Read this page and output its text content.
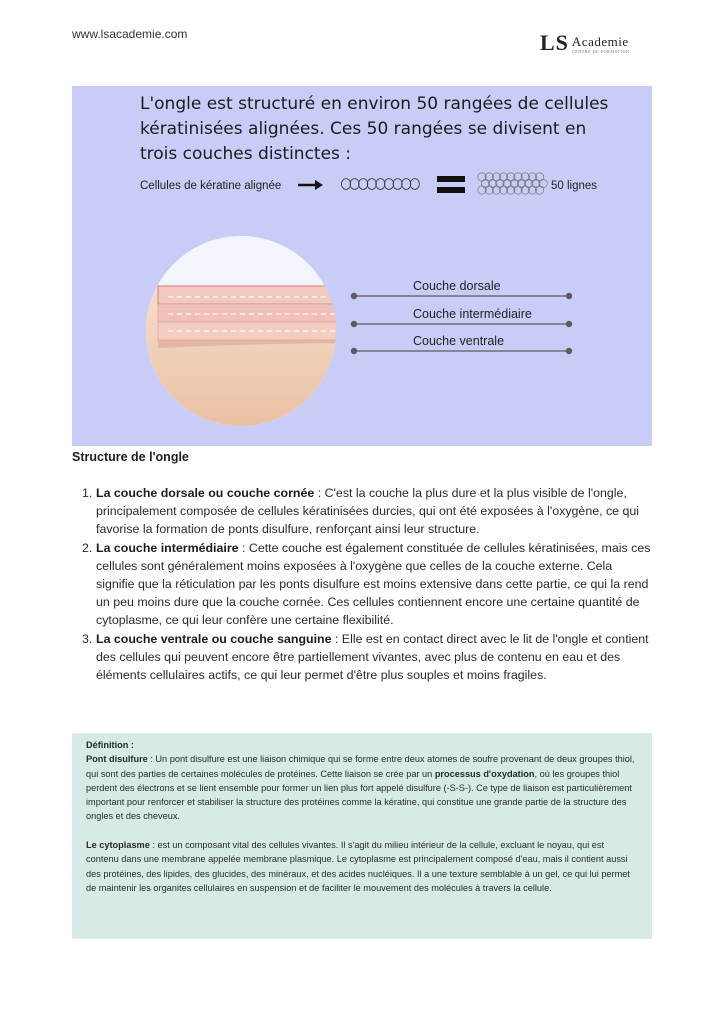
www.lsacademie.com	LS Academie
CENTRE DE FORMATION
L'ongle est structuré en environ 50 rangées de cellules kératinisées alignées. Ces 50 rangées se divisent en trois couches distinctes :
Cellules de kératine alignée	50 lignes
Couche dorsale
Couche intermédiaire
Couche ventrale
Structure de l'ongle
1. La couche dorsale ou couche cornée : C'est la couche la plus dure et la plus visible de l'ongle, principalement composée de cellules kératinisées durcies, qui ont été exposées à l'oxygène, ce qui favorise la formation de ponts disulfure, renforçant ainsi leur structure.
2. La couche intermédiaire : Cette couche est également constituée de cellules kératinisées, mais ces cellules sont généralement moins exposées à l'oxygène que celles de la couche externe. Cela signifie que la réticulation par les ponts disulfure est moins extensive dans cette partie, ce qui la rend un peu moins dure que la couche cornée. Ces cellules contiennent encore une certaine quantité de cytoplasme, ce qui leur confère une certaine flexibilité.
3. La couche ventrale ou couche sanguine : Elle est en contact direct avec le lit de l'ongle et contient des cellules qui peuvent encore être partiellement vivantes, avec plus de contenu en eau et des éléments cellulaires actifs, ce qui leur permet d'être plus souples et moins fragiles.

Définition :

Pont disulfure : Un pont disulfure est une liaison chimique qui se forme entre deux atomes de soufre provenant de deux groupes thiol, qui sont des parties de certaines molécules de protéines. Cette liaison se crée par un processus d'oxydation, où les groupes thiol perdent des électrons et se lient ensemble pour former un lien plus fort appelé disulfure (-S-S-). Ce type de liaison est particulièrement important pour renforcer et stabiliser la structure des protéines comme la kératine, qui constitue une grande partie de la structure des ongles et des cheveux.

Le cytoplasme : est un composant vital des cellules vivantes. Il s'agit du milieu intérieur de la cellule, excluant le noyau, qui est contenu dans une membrane appelée membrane plasmique. Le cytoplasme est principalement composé d'eau, mais il contient aussi des protéines, des lipides, des glucides, des minéraux, et des acides nucléiques. Il a une texture semblable à un gel, ce qui lui permet de maintenir les organites cellulaires en suspension et de faciliter le mouvement des molécules à travers la cellule.
